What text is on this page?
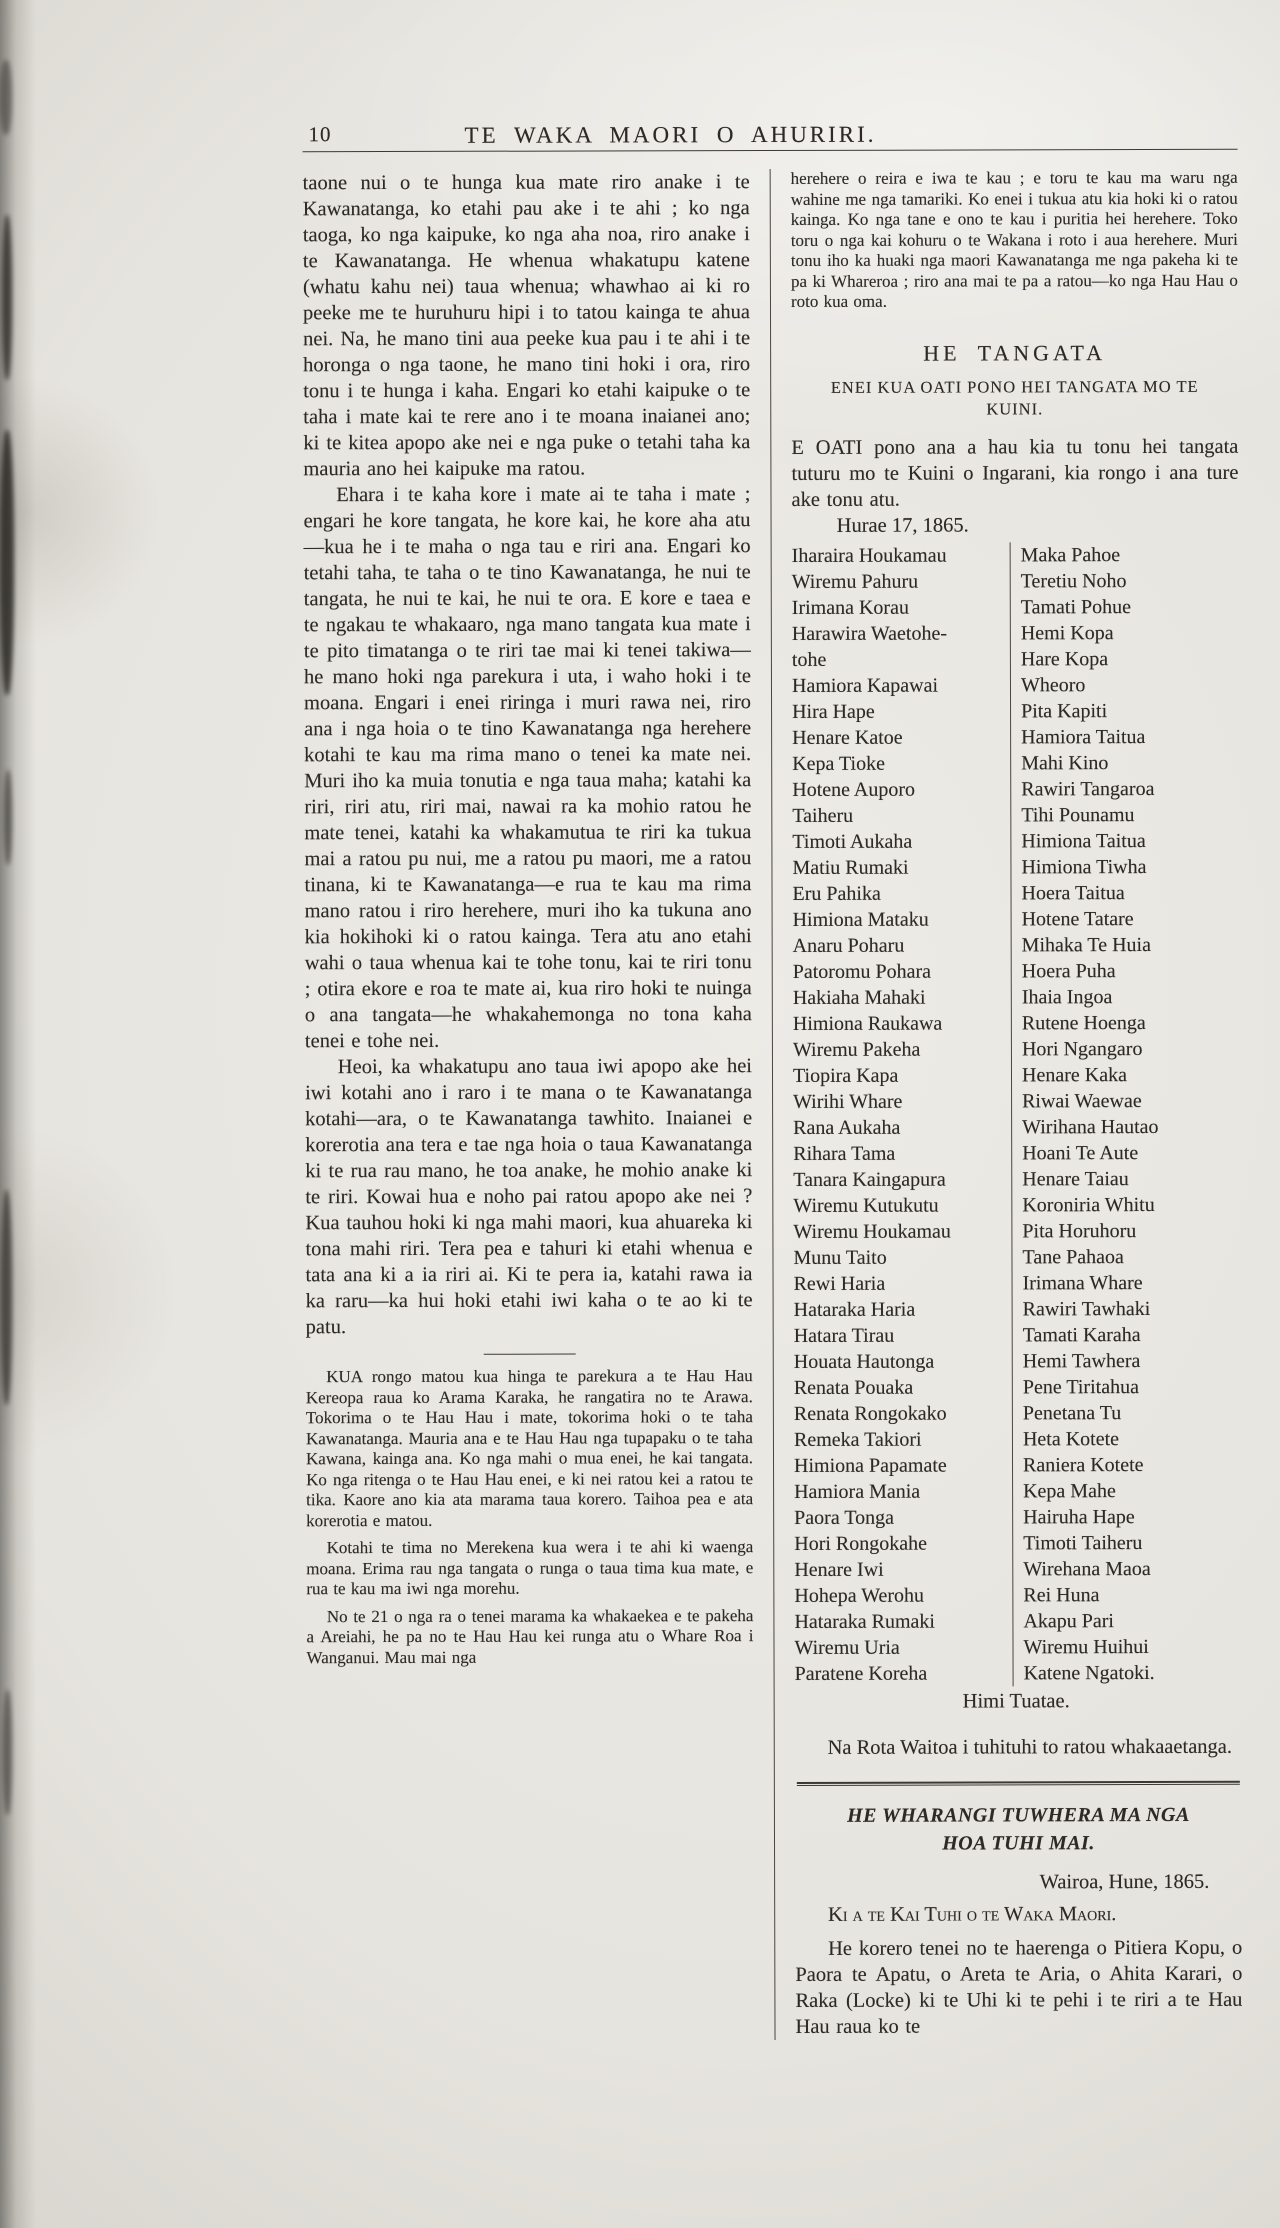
10	TE WAKA MAORI O AHURIRI.

taone nui o te hunga kua mate riro anake i te Kawanatanga, ko etahi pau ake i te ahi ; ko nga taoga, ko nga kaipuke, ko nga aha noa, riro anake i te Kawanatanga. He whenua whakatupu katene (whatu kahu nei) taua whenua; whawhao ai ki ro peeke me te huruhuru hipi i to tatou kainga te ahua nei. Na, he mano tini aua peeke kua pau i te ahi i te horonga o nga taone, he mano tini hoki i ora, riro tonu i te hunga i kaha. Engari ko etahi kaipuke o te taha i mate kai te rere ano i te moana inaianei ano; ki te kitea apopo ake nei e nga puke o tetahi taha ka mauria ano hei kaipuke ma ratou.

Ehara i te kaha kore i mate ai te taha i mate ; engari he kore tangata, he kore kai, he kore aha atu—kua he i te maha o nga tau e riri ana. Engari ko tetahi taha, te taha o te tino Kawanatanga, he nui te tangata, he nui te kai, he nui te ora. E kore e taea e te ngakau te whakaaro, nga mano tangata kua mate i te pito timatanga o te riri tae mai ki tenei takiwa—he mano hoki nga parekura i uta, i waho hoki i te moana. Engari i enei riringa i muri rawa nei, riro ana i nga hoia o te tino Kawanatanga nga herehere kotahi te kau ma rima mano o tenei ka mate nei. Muri iho ka muia tonutia e nga taua maha; katahi ka riri, riri atu, riri mai, nawai ra ka mohio ratou he mate tenei, katahi ka whakamutua te riri ka tukua mai a ratou pu nui, me a ratou pu maori, me a ratou tinana, ki te Kawanatanga—e rua te kau ma rima mano ratou i riro herehere, muri iho ka tukuna ano kia hokihoki ki o ratou kainga. Tera atu ano etahi wahi o taua whenua kai te tohe tonu, kai te riri tonu ; otira ekore e roa te mate ai, kua riro hoki te nuinga o ana tangata—he whakahemonga no tona kaha tenei e tohe nei.

Heoi, ka whakatupu ano taua iwi apopo ake hei iwi kotahi ano i raro i te mana o te Kawanatanga kotahi—ara, o te Kawanatanga tawhito. Inaianei e korerotia ana tera e tae nga hoia o taua Kawanatanga ki te rua rau mano, he toa anake, he mohio anake ki te riri. Kowai hua e noho pai ratou apopo ake nei ? Kua tauhou hoki ki nga mahi maori, kua ahuareka ki tona mahi riri. Tera pea e tahuri ki etahi whenua e tata ana ki a ia riri ai. Ki te pera ia, katahi rawa ia ka raru—ka hui hoki etahi iwi kaha o te ao ki te patu.

KUA rongo matou kua hinga te parekura a te Hau Hau Kereopa raua ko Arama Karaka, he rangatira no te Arawa. Tokorima o te Hau Hau i mate, tokorima hoki o te taha Kawanatanga. Mauria ana e te Hau Hau nga tupapaku o te taha Kawana, kainga ana. Ko nga mahi o mua enei, he kai tangata. Ko nga ritenga o te Hau Hau enei, e ki nei ratou kei a ratou te tika. Kaore ano kia ata marama taua korero. Taihoa pea e ata korerotia e matou.

Kotahi te tima no Merekena kua wera i te ahi ki waenga moana. Erima rau nga tangata o runga o taua tima kua mate, e rua te kau ma iwi nga morehu.

No te 21 o nga ra o tenei marama ka whakaekea e te pakeha a Areiahi, he pa no te Hau Hau kei runga atu o Whare Roa i Wanganui. Mau mai nga

herehere o reira e iwa te kau ; e toru te kau ma waru nga wahine me nga tamariki. Ko enei i tukua atu kia hoki ki o ratou kainga. Ko nga tane e ono te kau i puritia hei herehere. Toko toru o nga kai kohuru o te Wakana i roto i aua herehere. Muri tonu iho ka huaki nga maori Kawanatanga me nga pakeha ki te pa ki Whareroa ; riro ana mai te pa a ratou—ko nga Hau Hau o roto kua oma.

HE TANGATA
ENEI KUA OATI PONO HEI TANGATA MO TE KUINI.

E OATI pono ana a hau kia tu tonu hei tangata tuturu mo te Kuini o Ingarani, kia rongo i ana ture ake tonu atu.

Hurae 17, 1865.
Iharaira Houkamau
Wiremu Pahuru
Irimana Korau
Harawira Waetohe-
tohe
Hamiora Kapawai
Hira Hape
Henare Katoe
Kepa Tioke
Hotene Auporo
Taiheru
Timoti Aukaha
Matiu Rumaki
Eru Pahika
Himiona Mataku
Anaru Poharu
Patoromu Pohara
Hakiaha Mahaki
Himiona Raukawa
Wiremu Pakeha
Tiopira Kapa
Wirihi Whare
Rana Aukaha
Rihara Tama
Tanara Kaingapura
Wiremu Kutukutu
Wiremu Houkamau
Munu Taito
Rewi Haria
Hataraka Haria
Hatara Tirau
Houata Hautonga
Renata Pouaka
Renata Rongokako
Remeka Takiori
Himiona Papamate
Hamiora Mania
Paora Tonga
Hori Rongokahe
Henare Iwi
Hohepa Werohu
Hataraka Rumaki
Wiremu Uria
Paratene Koreha
Maka Pahoe
Teretiu Noho
Tamati Pohue
Hemi Kopa
Hare Kopa
Wheoro
Pita Kapiti
Hamiora Taitua
Mahi Kino
Rawiri Tangaroa
Tihi Pounamu
Himiona Taitua
Himiona Tiwha
Hoera Taitua
Hotene Tatare
Mihaka Te Huia
Hoera Puha
Ihaia Ingoa
Rutene Hoenga
Hori Ngangaro
Henare Kaka
Riwai Waewae
Wirihana Hautao
Hoani Te Aute
Henare Taiau
Koroniria Whitu
Pita Horuhoru
Tane Pahaoa
Irimana Whare
Rawiri Tawhaki
Tamati Karaha
Hemi Tawhera
Pene Tiritahua
Penetana Tu
Heta Kotete
Raniera Kotete
Kepa Mahe
Hairuha Hape
Timoti Taiheru
Wirehana Maoa
Rei Huna
Akapu Pari
Wiremu Huihui
Katene Ngatoki.
Himi Tuatae.

Na Rota Waitoa i tuhituhi to ratou whakaaetanga.

HE WHARANGI TUWHERA MA NGA HOA TUHI MAI.
Wairoa, Hune, 1865.

Ki a te Kai Tuhi o te Waka Maori.

He korero tenei no te haerenga o Pitiera Kopu, o Paora te Apatu, o Areta te Aria, o Ahita Karari, o Raka (Locke) ki te Uhi ki te pehi i te riri a te Hau Hau raua ko te
